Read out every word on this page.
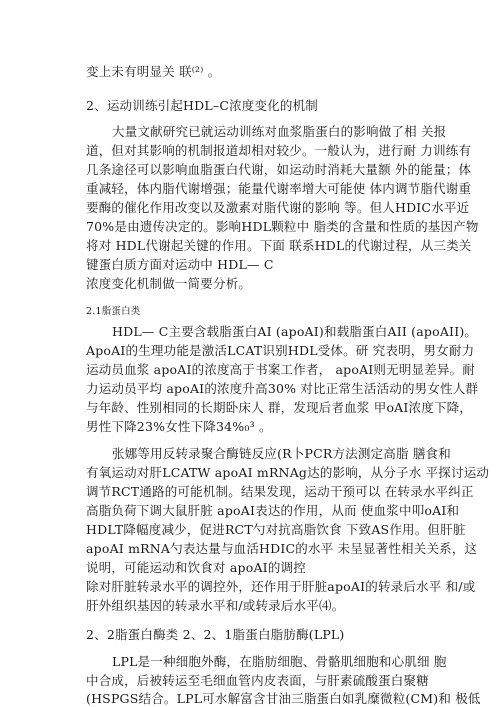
变上未有明显关 联⁽²⁾ 。
2、运动训练引起HDL–C浓度变化的机制
大量文献研究已就运动训练对血浆脂蛋白的影响做了相 关报
道，但对其影响的机制报道却相对较少。一般认为，进行耐 力训练有
几条途径可以影响血脂蛋白代谢，如运动时消耗大量额 外的能量；体
重减轻，体内脂代谢增强；能量代谢率增大可能使 体内调节脂代谢重
要酶的催化作用改变以及激素对脂代谢的影响 等。但人HDIC水平近
70%是由遗传决定的。影响HDL颗粒中 脂类的含量和性质的基因产物
将对 HDL代谢起关键的作用。下面 联系HDL的代谢过程，从三类关
键蛋白质方面对运动中 HDL— C
浓度变化机制做一简要分析。
2.1脂蛋白类
HDL— C主要含载脂蛋白AI (apoAI)和载脂蛋白AII (apoAII)。
ApoAI的生理功能是激活LCAT识别HDL受体。研 究表明，男女耐力
运动员血浆 apoAI的浓度高于书案工作者， apoAI则无明显差异。耐
力运动员平均 apoAI的浓度升高30% 对比正常生活活动的男女性人群
与年龄、性别相同的长期卧床人 群，发现后者血浆 甲oAI浓度下降，
男性下降23%女性下降34%₀³ 。
张娜等用反转录聚合酶链反应(R卜PCR方法测定高脂 膳食和
有氧运动对肝LCATW apoAI mRNAg达的影响，从分子水 平探讨运动
调节RCT通路的可能机制。结果发现，运动干预可以 在转录水平纠正
高脂负荷下调大鼠肝脏 apoAI表达的作用，从而 使血浆中叩oAI和
HDLT降幅度减少，促进RCT勺对抗高脂饮食 下致AS作用。但肝脏
apoAI mRNA勺表达量与血活HDIC的水平 未呈显著性相关关系，这
说明，可能运动和饮食对 apoAI的调控
除对肝脏转录水平的调控外，还作用于肝脏apoAI的转录后水平 和/或
肝外组织基因的转录水平和/或转录后水平⑷。
2、2脂蛋白酶类 2、2、1脂蛋白脂肪酶(LPL)
LPL是一种细胞外酶，在脂肪细胞、骨骼肌细胞和心肌细 胞
中合成，后被转运至毛细血管内皮表面，与肝素硫酸蛋白聚糖
(HSPGS结合。LPL可水解富含甘油三脂蛋白如乳糜微粒(CM)和 极低
